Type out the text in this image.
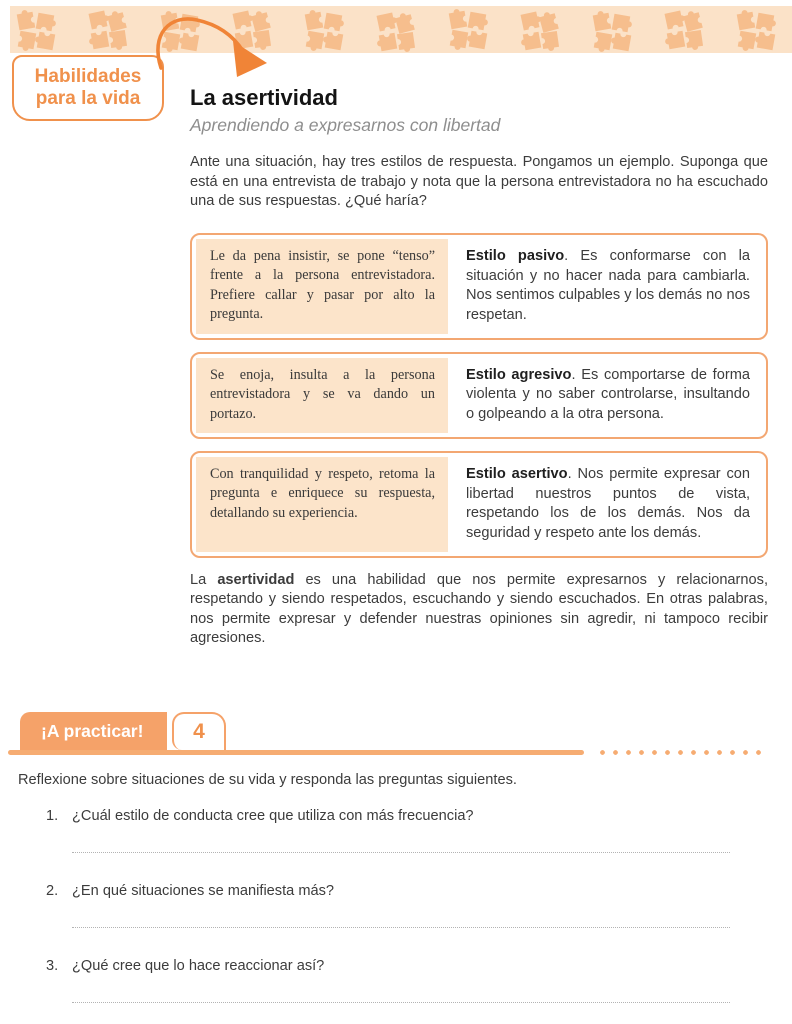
Habilidades
para la vida La asertividad
Aprendiendo a expresarnos con libertad

Ante una situación, hay tres estilos de respuesta. Pongamos un ejemplo. Suponga que está en una entrevista de trabajo y nota que la persona entrevistadora no ha escuchado una de sus respuestas. ¿Qué haría?

Le da pena insistir, se pone “tenso” frente a la persona entrevistadora. Prefiere callar y pasar por alto la pregunta.
Estilo pasivo. Es conformarse con la situación y no hacer nada para cambiarla. Nos sentimos culpables y los demás no nos respetan.
Se enoja, insulta a la persona entrevistadora y se va dando un portazo.
Estilo agresivo. Es comportarse de forma violenta y no saber controlarse, insultando o golpeando a la otra persona.
Con tranquilidad y respeto, retoma la pregunta e enriquece su respuesta, detallando su experiencia.
Estilo asertivo. Nos permite expresar con libertad nuestros puntos de vista, respetando los de los demás. Nos da seguridad y respeto ante los demás.

La asertividad es una habilidad que nos permite expresarnos y relacionarnos, respetando y siendo respetados, escuchando y siendo escuchados. En otras palabras, nos permite expresar y defender nuestras opiniones sin agredir, ni tampoco recibir agresiones.

¡A practicar! 4
Reflexione sobre situaciones de su vida y responda las preguntas siguientes.
1. ¿Cuál estilo de conducta cree que utiliza con más frecuencia?
2. ¿En qué situaciones se manifiesta más?
3. ¿Qué cree que lo hace reaccionar así?
